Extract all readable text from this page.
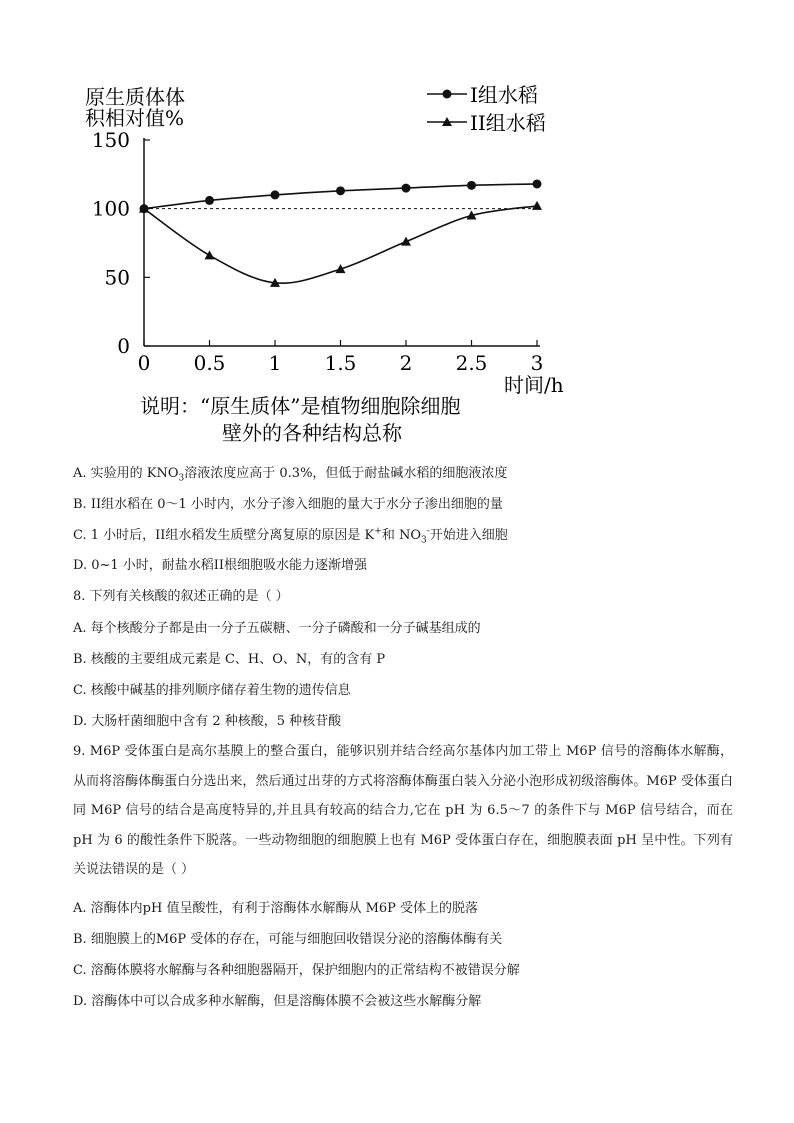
原生质体体
积相对值%
I组水稻
II组水稻
0
50
100
150
0 0.5 1 1.5 2 2.5 3
时间/h
说明：“原生质体”是植物细胞除细胞
壁外的各种结构总称
A. 实验用的 $KNO_3$溶液浓度应高于 0.3%，但低于耐盐碱水稻的细胞液浓度
B. II组水稻在 0～1 小时内，水分子渗入细胞的量大于水分子渗出细胞的量
C. 1 小时后，II组水稻发生质壁分离复原的原因是 K+和 $NO_3^-$开始进入细胞
D. 0~1 小时，耐盐水稻II根细胞吸水能力逐渐增强
8. 下列有关核酸的叙述正确的是（ ）
A. 每个核酸分子都是由一分子五碳糖、一分子磷酸和一分子碱基组成的
B. 核酸的主要组成元素是 C、H、O、N，有的含有 P
C. 核酸中碱基的排列顺序储存着生物的遗传信息
D. 大肠杆菌细胞中含有 2 种核酸，5 种核苷酸
9. M6P 受体蛋白是高尔基膜上的整合蛋白，能够识别并结合经高尔基体内加工带上 M6P 信号的溶酶体水解酶，从而将溶酶体酶蛋白分选出来，然后通过出芽的方式将溶酶体酶蛋白装入分泌小泡形成初级溶酶体。M6P 受体蛋白同 M6P 信号的结合是高度特异的,并且具有较高的结合力,它在 pH 为 6.5～7 的条件下与 M6P 信号结合，而在 pH 为 6 的酸性条件下脱落。一些动物细胞的细胞膜上也有 M6P 受体蛋白存在，细胞膜表面 pH 呈中性。下列有关说法错误的是（ ）
A. 溶酶体内pH 值呈酸性，有利于溶酶体水解酶从 M6P 受体上的脱落
B. 细胞膜上的M6P 受体的存在，可能与细胞回收错误分泌的溶酶体酶有关
C. 溶酶体膜将水解酶与各种细胞器隔开，保护细胞内的正常结构不被错误分解
D. 溶酶体中可以合成多种水解酶，但是溶酶体膜不会被这些水解酶分解
